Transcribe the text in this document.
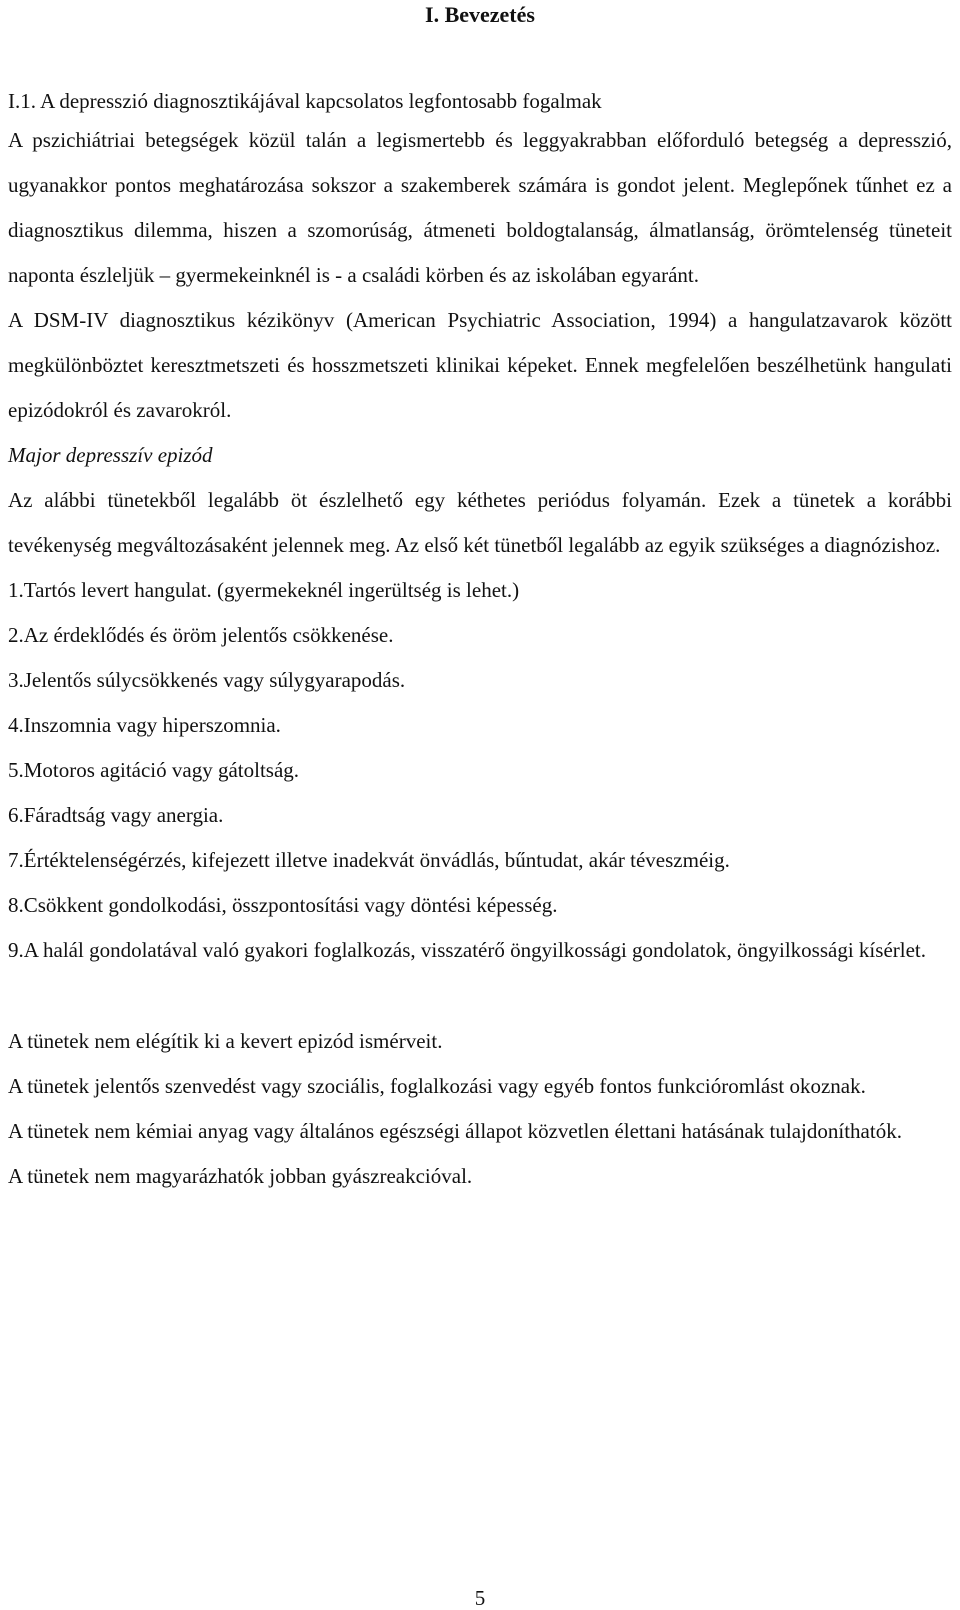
I. Bevezetés
I.1. A depresszió diagnosztikájával kapcsolatos legfontosabb fogalmak

A pszichiátriai betegségek közül talán a legismertebb és leggyakrabban előforduló betegség a depresszió, ugyanakkor pontos meghatározása sokszor a szakemberek számára is gondot jelent. Meglepőnek tűnhet ez a diagnosztikus dilemma, hiszen a szomorúság, átmeneti boldogtalanság, álmatlanság, örömtelenség tüneteit naponta észleljük – gyermekeinknél is - a családi körben és az iskolában egyaránt.

A DSM-IV diagnosztikus kézikönyv (American Psychiatric Association, 1994) a hangulatzavarok között megkülönböztet keresztmetszeti és hosszmetszeti klinikai képeket. Ennek megfelelően beszélhetünk hangulati epizódokról és zavarokról.

Major depresszív epizód

Az alábbi tünetekből legalább öt észlelhető egy kéthetes periódus folyamán. Ezek a tünetek a korábbi tevékenység megváltozásaként jelennek meg. Az első két tünetből legalább az egyik szükséges a diagnózishoz.

1.Tartós levert hangulat. (gyermekeknél ingerültség is lehet.)
2.Az érdeklődés és öröm jelentős csökkenése.
3.Jelentős súlycsökkenés vagy súlygyarapodás.
4.Inszomnia vagy hiperszomnia.
5.Motoros agitáció vagy gátoltság.
6.Fáradtság vagy anergia.
7.Értéktelenségérzés, kifejezett illetve inadekvát önvádlás, bűntudat, akár téveszméig.
8.Csökkent gondolkodási, összpontosítási vagy döntési képesség.
9.A halál gondolatával való gyakori foglalkozás, visszatérő öngyilkossági gondolatok, öngyilkossági kísérlet.

A tünetek nem elégítik ki a kevert epizód ismérveit.

A tünetek jelentős szenvedést vagy szociális, foglalkozási vagy egyéb fontos funkcióromlást okoznak.

A tünetek nem kémiai anyag vagy általános egészségi állapot közvetlen élettani hatásának tulajdoníthatók.

A tünetek nem magyarázhatók jobban gyászreakcióval.

5
